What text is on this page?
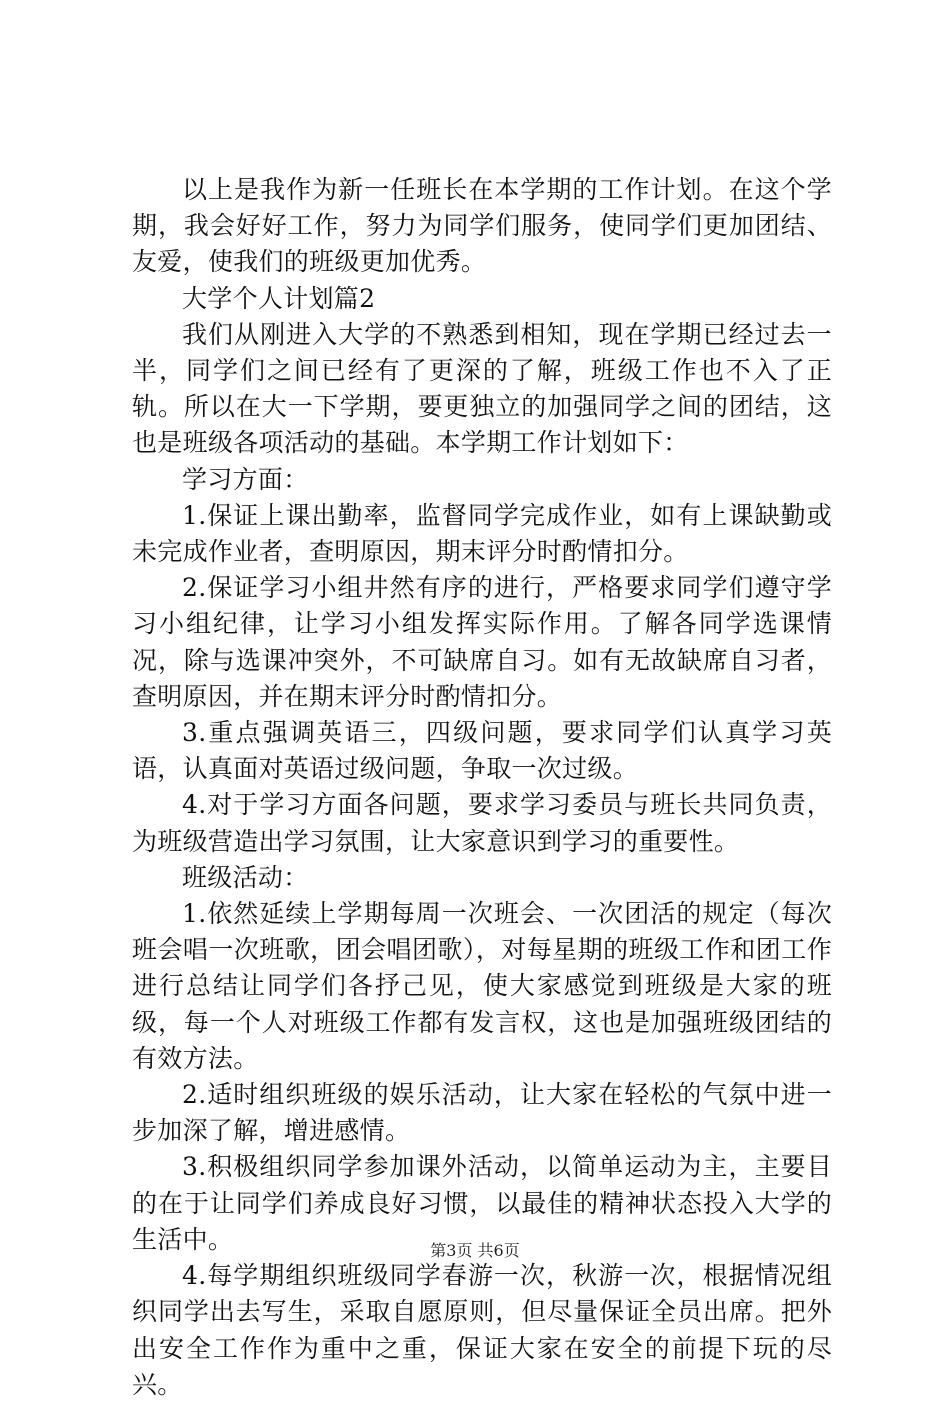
以上是我作为新一任班长在本学期的工作计划。在这个学期，我会好好工作，努力为同学们服务，使同学们更加团结、友爱，使我们的班级更加优秀。

大学个人计划篇2

我们从刚进入大学的不熟悉到相知，现在学期已经过去一半，同学们之间已经有了更深的了解，班级工作也不入了正轨。所以在大一下学期，要更独立的加强同学之间的团结，这也是班级各项活动的基础。本学期工作计划如下：

学习方面：

1.保证上课出勤率，监督同学完成作业，如有上课缺勤或未完成作业者，查明原因，期末评分时酌情扣分。

2.保证学习小组井然有序的进行，严格要求同学们遵守学习小组纪律，让学习小组发挥实际作用。了解各同学选课情况，除与选课冲突外，不可缺席自习。如有无故缺席自习者，查明原因，并在期末评分时酌情扣分。

3.重点强调英语三，四级问题，要求同学们认真学习英语，认真面对英语过级问题，争取一次过级。

4.对于学习方面各问题，要求学习委员与班长共同负责，为班级营造出学习氛围，让大家意识到学习的重要性。

班级活动：

1.依然延续上学期每周一次班会、一次团活的规定（每次班会唱一次班歌，团会唱团歌），对每星期的班级工作和团工作进行总结让同学们各抒己见，使大家感觉到班级是大家的班级，每一个人对班级工作都有发言权，这也是加强班级团结的有效方法。

2.适时组织班级的娱乐活动，让大家在轻松的气氛中进一步加深了解，增进感情。

3.积极组织同学参加课外活动，以简单运动为主，主要目的在于让同学们养成良好习惯，以最佳的精神状态投入大学的生活中。

4.每学期组织班级同学春游一次，秋游一次，根据情况组织同学出去写生，采取自愿原则，但尽量保证全员出席。把外出安全工作作为重中之重，保证大家在安全的前提下玩的尽兴。

第3页 共6页
